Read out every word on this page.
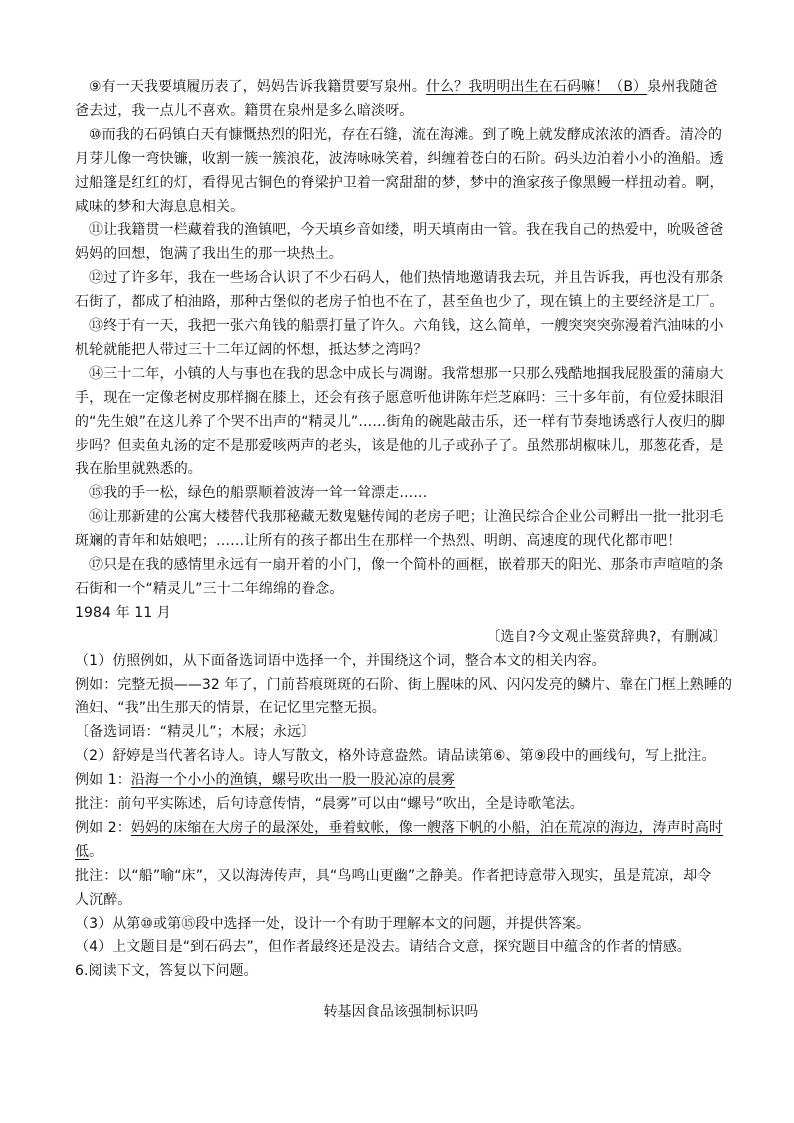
⑨有一天我要填履历表了，妈妈告诉我籍贯要写泉州。什么？我明明出生在石码嘛！（B）泉州我随爸
爸去过，我一点儿不喜欢。籍贯在泉州是多么暗淡呀。
⑩而我的石码镇白天有慷慨热烈的阳光，存在石缝，流在海滩。到了晚上就发酵成浓浓的酒香。清冷的
月芽儿像一弯快镰，收割一簇一簇浪花，波涛咏咏笑着，纠缠着苍白的石阶。码头边泊着小小的渔船。透
过船篷是红红的灯，看得见古铜色的脊梁护卫着一窝甜甜的梦，梦中的渔家孩子像黑鳗一样扭动着。啊，
咸味的梦和大海息息相关。
⑪让我籍贯一栏藏着我的渔镇吧，今天填乡音如缕，明天填南由一管。我在我自己的热爱中，吮吸爸爸
妈妈的回想，饱满了我出生的那一块热土。
⑫过了许多年，我在一些场合认识了不少石码人，他们热情地邀请我去玩，并且告诉我，再也没有那条
石街了，都成了柏油路，那种古堡似的老房子怕也不在了，甚至鱼也少了，现在镇上的主要经济是工厂。
⑬终于有一天，我把一张六角钱的船票打量了许久。六角钱，这么简单，一艘突突突弥漫着汽油味的小
机轮就能把人带过三十二年辽阔的怀想，抵达梦之湾吗？
⑭三十二年，小镇的人与事也在我的思念中成长与凋谢。我常想那一只那么残酷地掴我屁股蛋的蒲扇大
手，现在一定像老树皮那样搁在膝上，还会有孩子愿意听他讲陈年烂芝麻吗：三十多年前，有位爱抹眼泪
的“先生娘”在这儿养了个哭不出声的“精灵儿”……街角的碗匙敲击乐，还一样有节奏地诱惑行人夜归的脚
步吗？但卖鱼丸汤的定不是那爱咳两声的老头，该是他的儿子或孙子了。虽然那胡椒味儿，那葱花香，是
我在胎里就熟悉的。
⑮我的手一松，绿色的船票顺着波涛一耸一耸漂走……
⑯让那新建的公寓大楼替代我那秘藏无数鬼魅传闻的老房子吧；让渔民综合企业公司孵出一批一批羽毛
斑斓的青年和姑娘吧；……让所有的孩子都出生在那样一个热烈、明朗、高速度的现代化都市吧！
⑰只是在我的感情里永远有一扇开着的小门，像一个简朴的画框，嵌着那天的阳光、那条市声喧喧的条
石街和一个“精灵儿”三十二年绵绵的眷念。
1984 年 11 月
〔选自?今文观止鉴赏辞典?，有删减〕
（1）仿照例如，从下面备选词语中选择一个，并围绕这个词，整合本文的相关内容。
例如：完整无损——32 年了，门前苔痕斑斑的石阶、街上腥味的风、闪闪发亮的鳞片、靠在门框上熟睡的
渔妇、“我”出生那天的情景，在记忆里完整无损。
〔备选词语：“精灵儿”；木屐；永远〕
（2）舒婷是当代著名诗人。诗人写散文，格外诗意盎然。请品读第⑥、第⑨段中的画线句，写上批注。
例如 1：沿海一个小小的渔镇，螺号吹出一股一股沁凉的晨雾
批注：前句平实陈述，后句诗意传情，“晨雾”可以由“螺号”吹出，全是诗歌笔法。
例如 2：妈妈的床缩在大房子的最深处，垂着蚊帐，像一艘落下帆的小船，泊在荒凉的海边，涛声时高时
低。
批注：以“船”喻“床”，又以海涛传声，具“鸟鸣山更幽”之静美。作者把诗意带入现实，虽是荒凉，却令
人沉醉。
（3）从第⑩或第⑮段中选择一处，设计一个有助于理解本文的问题，并提供答案。
（4）上文题目是“到石码去”，但作者最终还是没去。请结合文意，探究题目中蕴含的作者的情感。
6.阅读下文，答复以下问题。
转基因食品该强制标识吗
